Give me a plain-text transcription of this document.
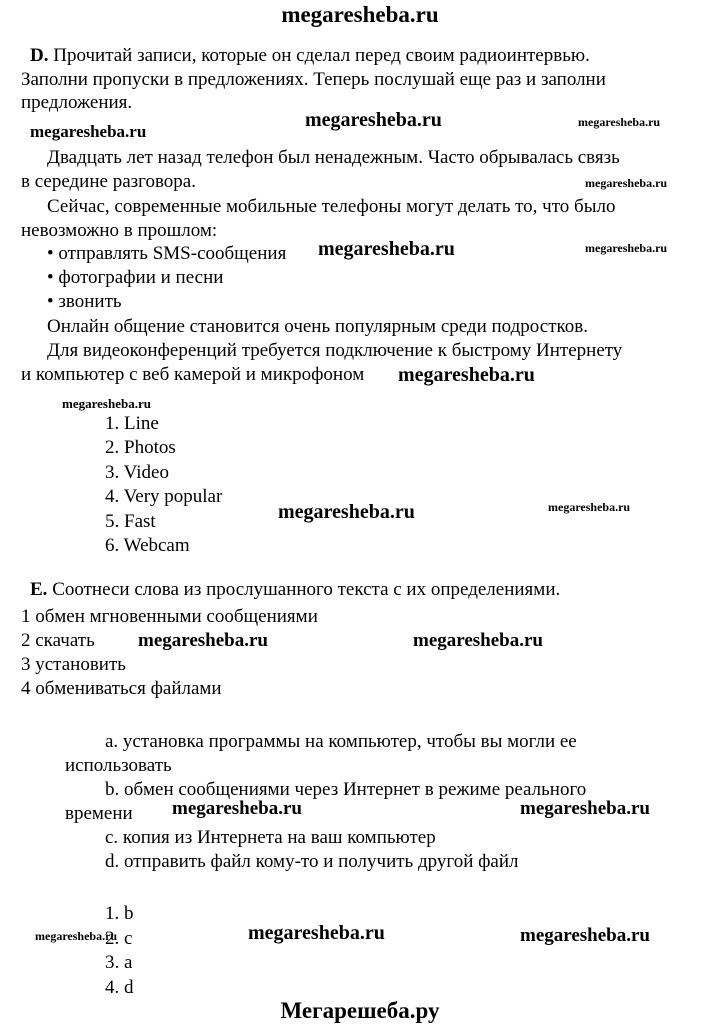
megaresheba.ru
D. Прочитай записи, которые он сделал перед своим радиоинтервью.
Заполни пропуски в предложениях. Теперь послушай еще раз и заполни
предложения.
megaresheba.ru	megaresheba.ru
megaresheba.ru
Двадцать лет назад телефон был ненадежным. Часто обрывалась связь
в середине разговора.	megaresheba.ru
Сейчас, современные мобильные телефоны могут делать то, что было
невозможно в прошлом:
• отправлять SMS-сообщения
• фотографии и песни
• звонить
megaresheba.ru	megaresheba.ru
Онлайн общение становится очень популярным среди подростков.
Для видеоконференций требуется подключение к быстрому Интернету
и компьютер с веб камерой и микрофоном	megaresheba.ru
megaresheba.ru
1. Line
2. Photos
3. Video
4. Very popular
5. Fast
6. Webcam
megaresheba.ru	megaresheba.ru
E. Соотнеси слова из прослушанного текста с их определениями.
1 обмен мгновенными сообщениями
2 скачать
3 установить
4 обмениваться файлами
megaresheba.ru	megaresheba.ru
a. установка программы на компьютер, чтобы вы могли ее
использовать
b. обмен сообщениями через Интернет в режиме реального
времени
c. копия из Интернета на ваш компьютер
d. отправить файл кому-то и получить другой файл
megaresheba.ru	megaresheba.ru
1. b
2. c
3. a
4. d
megaresheba.ru	megaresheba.ru	megaresheba.ru
Мегарешеба.ру
